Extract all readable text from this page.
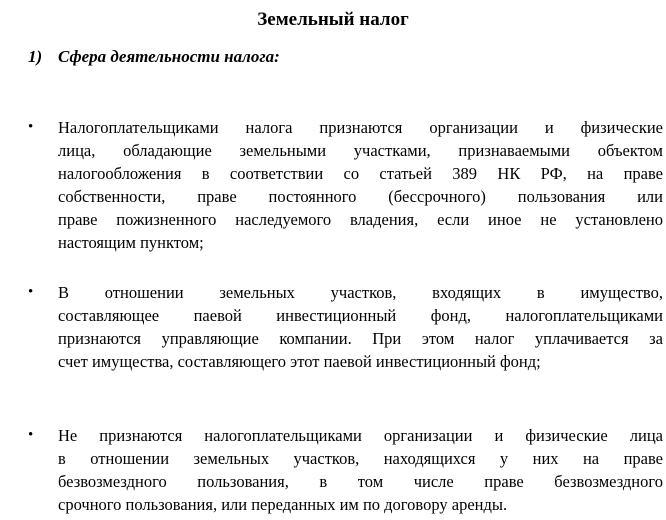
Земельный налог
1) Сфера деятельности налога:
•	Налогоплательщиками налога признаются организации и физические
лица, обладающие земельными участками, признаваемыми объектом
налогообложения в соответствии со статьей 389 НК РФ, на праве
собственности, праве постоянного (бессрочного) пользования или
праве пожизненного наследуемого владения, если иное не установлено
настоящим пунктом;
•	В отношении земельных участков, входящих в имущество,
составляющее паевой инвестиционный фонд, налогоплательщиками
признаются управляющие компании. При этом налог уплачивается за
счет имущества, составляющего этот паевой инвестиционный фонд;
•	Не признаются налогоплательщиками организации и физические лица
в отношении земельных участков, находящихся у них на праве
безвозмездного пользования, в том числе праве безвозмездного
срочного пользования, или переданных им по договору аренды.
